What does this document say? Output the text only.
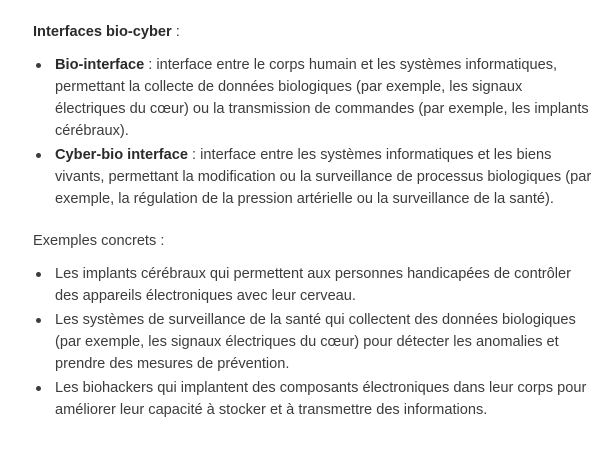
Interfaces bio-cyber :

Bio-interface : interface entre le corps humain et les systèmes informatiques, permettant la collecte de données biologiques (par exemple, les signaux électriques du cœur) ou la transmission de commandes (par exemple, les implants cérébraux).
Cyber-bio interface : interface entre les systèmes informatiques et les biens vivants, permettant la modification ou la surveillance de processus biologiques (par exemple, la régulation de la pression artérielle ou la surveillance de la santé).

Exemples concrets :

Les implants cérébraux qui permettent aux personnes handicapées de contrôler des appareils électroniques avec leur cerveau.
Les systèmes de surveillance de la santé qui collectent des données biologiques (par exemple, les signaux électriques du cœur) pour détecter les anomalies et prendre des mesures de prévention.
Les biohackers qui implantent des composants électroniques dans leur corps pour améliorer leur capacité à stocker et à transmettre des informations.
